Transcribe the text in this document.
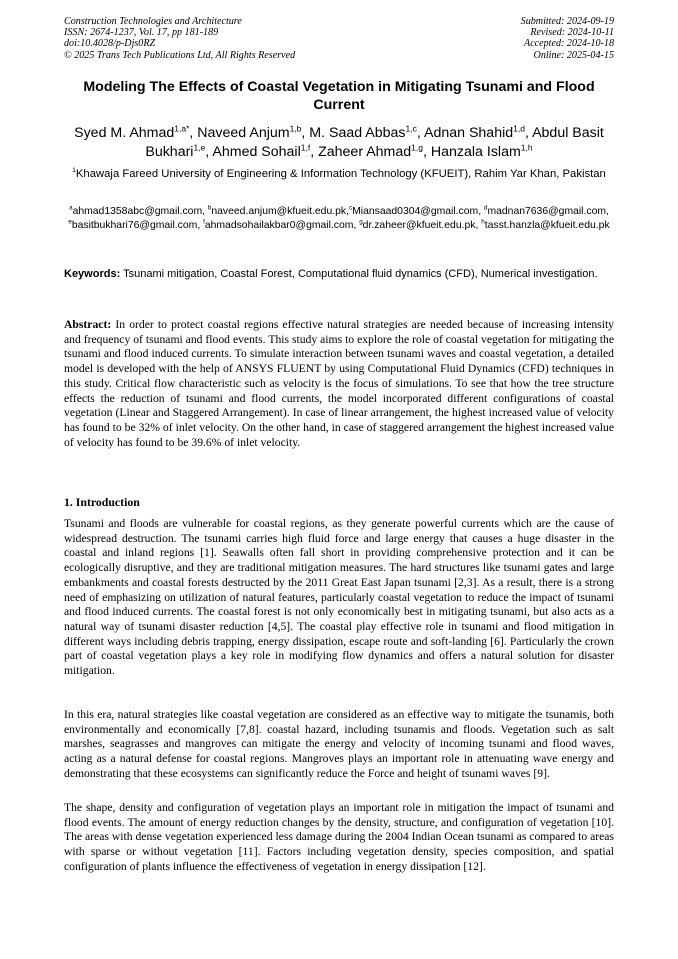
Construction Technologies and Architecture
ISSN: 2674-1237, Vol. 17, pp 181-189
doi:10.4028/p-Djs0RZ
© 2025 Trans Tech Publications Ltd, All Rights Reserved
Submitted: 2024-09-19
Revised: 2024-10-11
Accepted: 2024-10-18
Online: 2025-04-15
Modeling The Effects of Coastal Vegetation in Mitigating Tsunami and Flood Current
Syed M. Ahmad$^{1,a*}$, Naveed Anjum$^{1,b}$, M. Saad Abbas$^{1,c}$, Adnan Shahid$^{1,d}$, Abdul Basit Bukhari$^{1,e}$, Ahmed Sohail$^{1,f}$, Zaheer Ahmad$^{1,g}$, Hanzala Islam$^{1,h}$
$^1$Khawaja Fareed University of Engineering & Information Technology (KFUEIT), Rahim Yar Khan, Pakistan
$^a$ahmad1358abc@gmail.com, $^b$naveed.anjum@kfueit.edu.pk,$^c$Miansaad0304@gmail.com, $^d$madnan7636@gmail.com, $^e$basitbukhari76@gmail.com, $^f$ahmadsohailakbar0@gmail.com, $^g$dr.zaheer@kfueit.edu.pk, $^h$tasst.hanzla@kfueit.edu.pk
Keywords: Tsunami mitigation, Coastal Forest, Computational fluid dynamics (CFD), Numerical investigation.

Abstract: In order to protect coastal regions effective natural strategies are needed because of increasing intensity and frequency of tsunami and flood events. This study aims to explore the role of coastal vegetation for mitigating the tsunami and flood induced currents. To simulate interaction between tsunami waves and coastal vegetation, a detailed model is developed with the help of ANSYS FLUENT by using Computational Fluid Dynamics (CFD) techniques in this study. Critical flow characteristic such as velocity is the focus of simulations. To see that how the tree structure effects the reduction of tsunami and flood currents, the model incorporated different configurations of coastal vegetation (Linear and Staggered Arrangement). In case of linear arrangement, the highest increased value of velocity has found to be 32% of inlet velocity. On the other hand, in case of staggered arrangement the highest increased value of velocity has found to be 39.6% of inlet velocity.

1. Introduction

Tsunami and floods are vulnerable for coastal regions, as they generate powerful currents which are the cause of widespread destruction. The tsunami carries high fluid force and large energy that causes a huge disaster in the coastal and inland regions [1]. Seawalls often fall short in providing comprehensive protection and it can be ecologically disruptive, and they are traditional mitigation measures. The hard structures like tsunami gates and large embankments and coastal forests destructed by the 2011 Great East Japan tsunami [2,3]. As a result, there is a strong need of emphasizing on utilization of natural features, particularly coastal vegetation to reduce the impact of tsunami and flood induced currents. The coastal forest is not only economically best in mitigating tsunami, but also acts as a natural way of tsunami disaster reduction [4,5]. The coastal play effective role in tsunami and flood mitigation in different ways including debris trapping, energy dissipation, escape route and soft-landing [6]. Particularly the crown part of coastal vegetation plays a key role in modifying flow dynamics and offers a natural solution for disaster mitigation.

In this era, natural strategies like coastal vegetation are considered as an effective way to mitigate the tsunamis, both environmentally and economically [7,8]. coastal hazard, including tsunamis and floods. Vegetation such as salt marshes, seagrasses and mangroves can mitigate the energy and velocity of incoming tsunami and flood waves, acting as a natural defense for coastal regions. Mangroves plays an important role in attenuating wave energy and demonstrating that these ecosystems can significantly reduce the Force and height of tsunami waves [9].

The shape, density and configuration of vegetation plays an important role in mitigation the impact of tsunami and flood events. The amount of energy reduction changes by the density, structure, and configuration of vegetation [10]. The areas with dense vegetation experienced less damage during the 2004 Indian Ocean tsunami as compared to areas with sparse or without vegetation [11]. Factors including vegetation density, species composition, and spatial configuration of plants influence the effectiveness of vegetation in energy dissipation [12].
